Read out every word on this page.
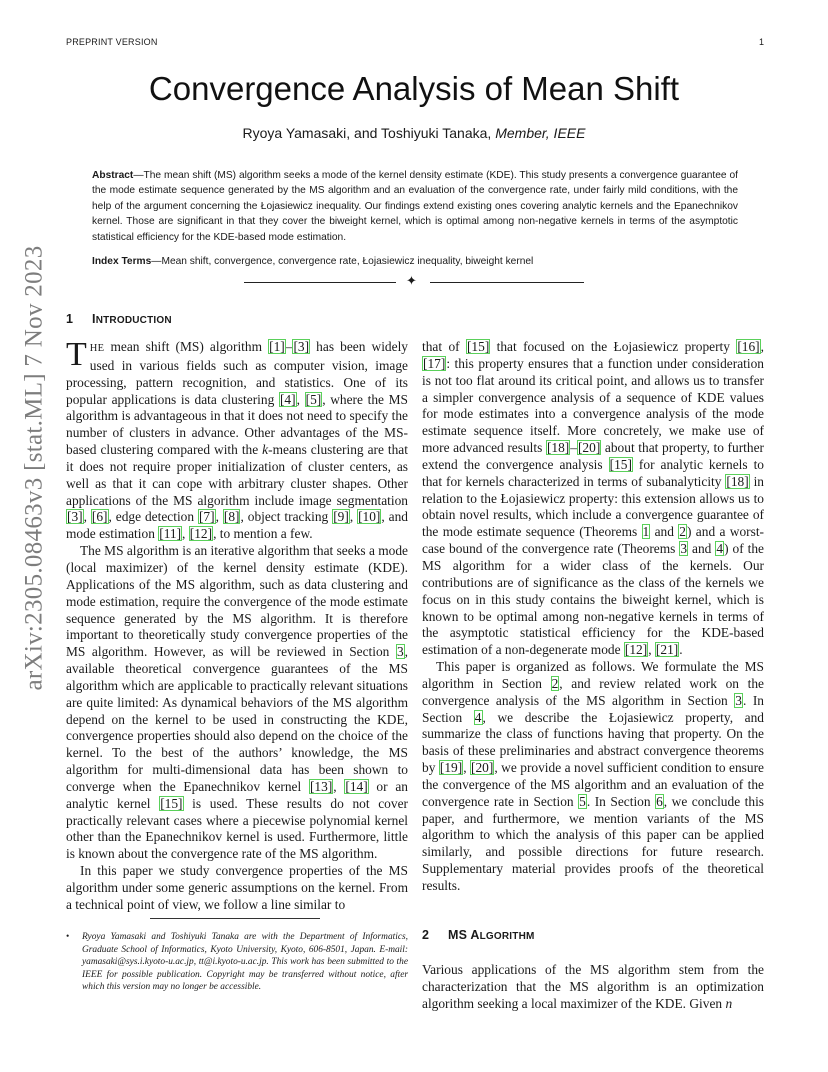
PREPRINT VERSION	1
arXiv:2305.08463v3 [stat.ML] 7 Nov 2023
Convergence Analysis of Mean Shift
Ryoya Yamasaki, and Toshiyuki Tanaka, Member, IEEE
Abstract—The mean shift (MS) algorithm seeks a mode of the kernel density estimate (KDE). This study presents a convergence guarantee of the mode estimate sequence generated by the MS algorithm and an evaluation of the convergence rate, under fairly mild conditions, with the help of the argument concerning the Łojasiewicz inequality. Our findings extend existing ones covering analytic kernels and the Epanechnikov kernel. Those are significant in that they cover the biweight kernel, which is optimal among non-negative kernels in terms of the asymptotic statistical efficiency for the KDE-based mode estimation.
Index Terms—Mean shift, convergence, convergence rate, Łojasiewicz inequality, biweight kernel
✦
1 INTRODUCTION

THE mean shift (MS) algorithm [1]–[3] has been widely used in various fields such as computer vision, image processing, pattern recognition, and statistics. One of its popular applications is data clustering [4], [5], where the MS algorithm is advantageous in that it does not need to specify the number of clusters in advance. Other advantages of the MS-based clustering compared with the k-means clustering are that it does not require proper initialization of cluster centers, as well as that it can cope with arbitrary cluster shapes. Other applications of the MS algorithm include image segmentation [3], [6], edge detection [7], [8], object tracking [9], [10], and mode estimation [11], [12], to mention a few.

The MS algorithm is an iterative algorithm that seeks a mode (local maximizer) of the kernel density estimate (KDE). Applications of the MS algorithm, such as data clustering and mode estimation, require the convergence of the mode estimate sequence generated by the MS algorithm. It is therefore important to theoretically study convergence properties of the MS algorithm. However, as will be reviewed in Section 3, available theoretical convergence guarantees of the MS algorithm which are applicable to practically relevant situations are quite limited: As dynamical behaviors of the MS algorithm depend on the kernel to be used in constructing the KDE, convergence properties should also depend on the choice of the kernel. To the best of the authors’ knowledge, the MS algorithm for multi-dimensional data has been shown to converge when the Epanechnikov kernel [13], [14] or an analytic kernel [15] is used. These results do not cover practically relevant cases where a piecewise polynomial kernel other than the Epanechnikov kernel is used. Furthermore, little is known about the convergence rate of the MS algorithm.

In this paper we study convergence properties of the MS algorithm under some generic assumptions on the kernel. From a technical point of view, we follow a line similar to

that of [15] that focused on the Łojasiewicz property [16], [17]: this property ensures that a function under consideration is not too flat around its critical point, and allows us to transfer a simpler convergence analysis of a sequence of KDE values for mode estimates into a convergence analysis of the mode estimate sequence itself. More concretely, we make use of more advanced results [18]–[20] about that property, to further extend the convergence analysis [15] for analytic kernels to that for kernels characterized in terms of subanalyticity [18] in relation to the Łojasiewicz property: this extension allows us to obtain novel results, which include a convergence guarantee of the mode estimate sequence (Theorems 1 and 2) and a worst-case bound of the convergence rate (Theorems 3 and 4) of the MS algorithm for a wider class of the kernels. Our contributions are of significance as the class of the kernels we focus on in this study contains the biweight kernel, which is known to be optimal among non-negative kernels in terms of the asymptotic statistical efficiency for the KDE-based estimation of a non-degenerate mode [12], [21].

This paper is organized as follows. We formulate the MS algorithm in Section 2, and review related work on the convergence analysis of the MS algorithm in Section 3. In Section 4, we describe the Łojasiewicz property, and summarize the class of functions having that property. On the basis of these preliminaries and abstract convergence theorems by [19], [20], we provide a novel sufficient condition to ensure the convergence of the MS algorithm and an evaluation of the convergence rate in Section 5. In Section 6, we conclude this paper, and furthermore, we mention variants of the MS algorithm to which the analysis of this paper can be applied similarly, and possible directions for future research. Supplementary material provides proofs of the theoretical results.

2 MS ALGORITHM
Various applications of the MS algorithm stem from the characterization that the MS algorithm is an optimization algorithm seeking a local maximizer of the KDE. Given n
• Ryoya Yamasaki and Toshiyuki Tanaka are with the Department of Informatics, Graduate School of Informatics, Kyoto University, Kyoto, 606-8501, Japan. E-mail: yamasaki@sys.i.kyoto-u.ac.jp, tt@i.kyoto-u.ac.jp. This work has been submitted to the IEEE for possible publication. Copyright may be transferred without notice, after which this version may no longer be accessible.
